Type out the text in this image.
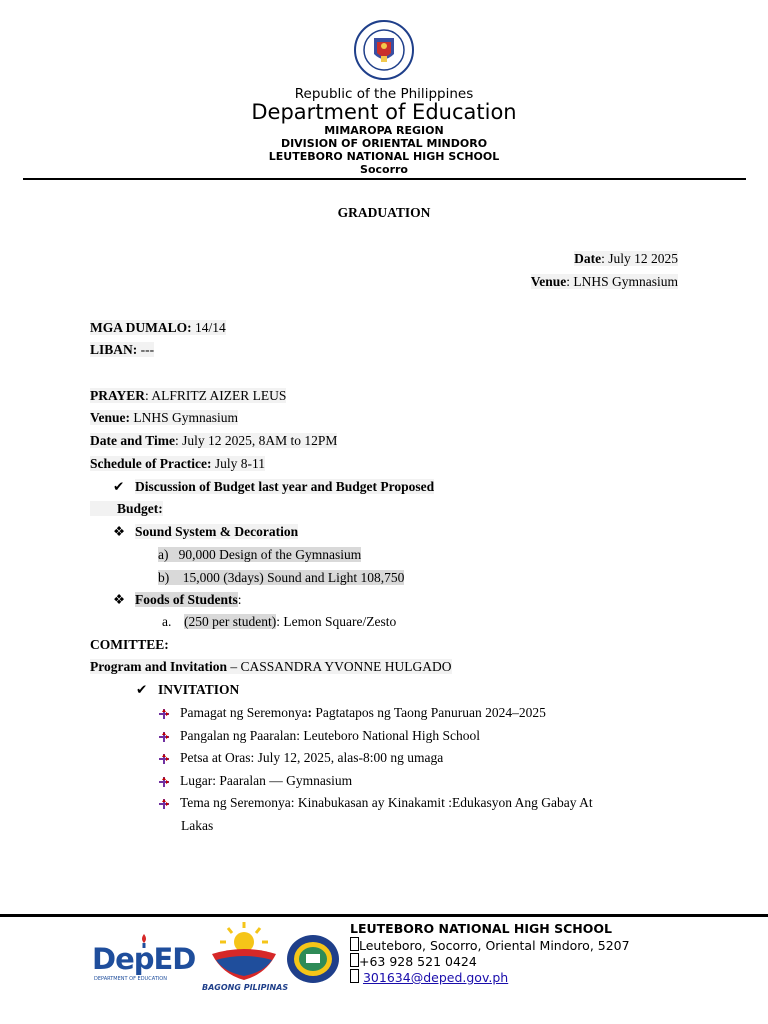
Republic of the Philippines
Department of Education
MIMAROPA REGION
DIVISION OF ORIENTAL MINDORO
LEUTEBORO NATIONAL HIGH SCHOOL
Socorro
GRADUATION
Date: July 12 2025
Venue: LNHS Gymnasium
MGA DUMALO: 14/14
LIBAN: ---
PRAYER: ALFRITZ AIZER LEUS
Venue: LNHS Gymnasium
Date and Time: July 12 2025, 8AM to 12PM
Schedule of Practice: July 8-11
✔ Discussion of Budget last year and Budget Proposed
Budget:
❖ Sound System & Decoration
a) 90,000 Design of the Gymnasium
b) 15,000 (3days) Sound and Light 108,750
❖ Foods of Students:
a. (250 per student): Lemon Square/Zesto
COMITTEE:
Program and Invitation – CASSANDRA YVONNE HULGADO
✔ INVITATION
Pamagat ng Seremonya: Pagtatapos ng Taong Panuruan 2024–2025
Pangalan ng Paaralan: Leuteboro National High School
Petsa at Oras: July 12, 2025, alas-8:00 ng umaga
Lugar: Paaralan — Gymnasium
Tema ng Seremonya: Kinabukasan ay Kinakamit :Edukasyon Ang Gabay At
Lakas
DepED
DEPARTMENT OF EDUCATION
BAGONG PILIPINAS
LEUTEBORO NATIONAL HIGH SCHOOL
Leuteboro, Socorro, Oriental Mindoro, 5207
+63 928 521 0424
301634@deped.gov.ph
